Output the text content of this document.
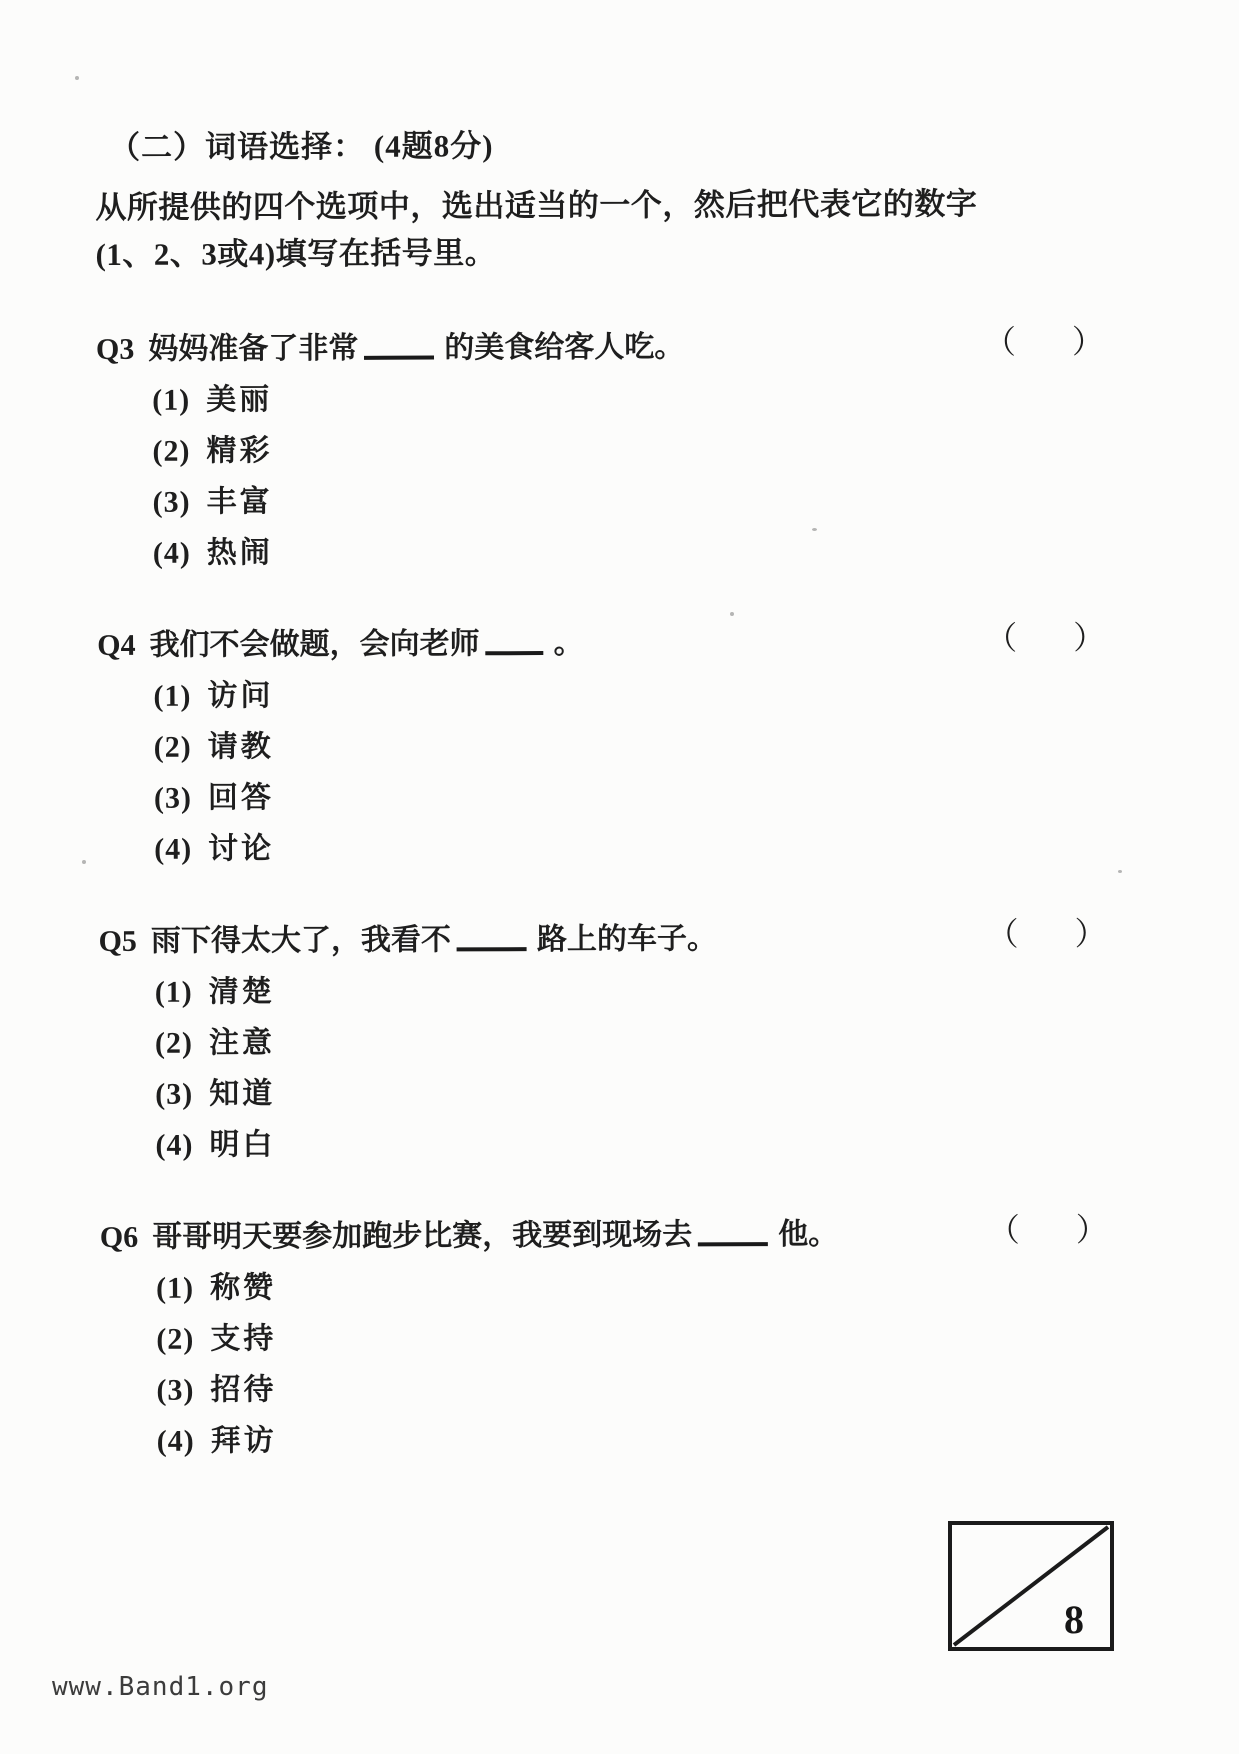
（二）词语选择： (4题8分)
从所提供的四个选项中，选出适当的一个，然后把代表它的数字
(1、2、3或4)填写在括号里。
Q3 妈妈准备了非常	的美食给客人吃。	（ ）
(1) 美丽
(2) 精彩
(3) 丰富
(4) 热闹
Q4 我们不会做题，会向老师 。	（ ）
(1) 访问
(2) 请教
(3) 回答
(4) 讨论
Q5 雨下得太大了，我看不	路上的车子。	（ ）
(1) 清楚
(2) 注意
(3) 知道
(4) 明白
Q6 哥哥明天要参加跑步比赛，我要到现场去	他。	（ ）
(1) 称赞
(2) 支持
(3) 招待
(4) 拜访
8
www.Band1.org
